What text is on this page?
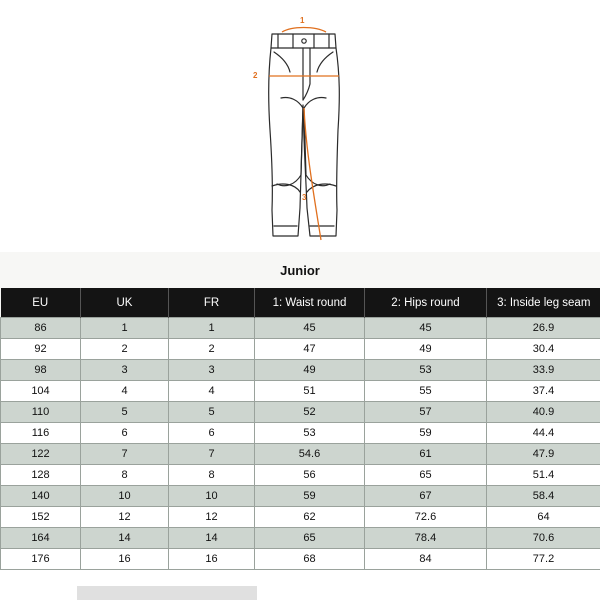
1
2
3
Junior
EU	UK	FR	1: Waist round	2: Hips round	3: Inside leg seam
86	1	1	45	45	26.9
92	2	2	47	49	30.4
98	3	3	49	53	33.9
104	4	4	51	55	37.4
110	5	5	52	57	40.9
116	6	6	53	59	44.4
122	7	7	54.6	61	47.9
128	8	8	56	65	51.4
140	10	10	59	67	58.4
152	12	12	62	72.6	64
164	14	14	65	78.4	70.6
176	16	16	68	84	77.2
